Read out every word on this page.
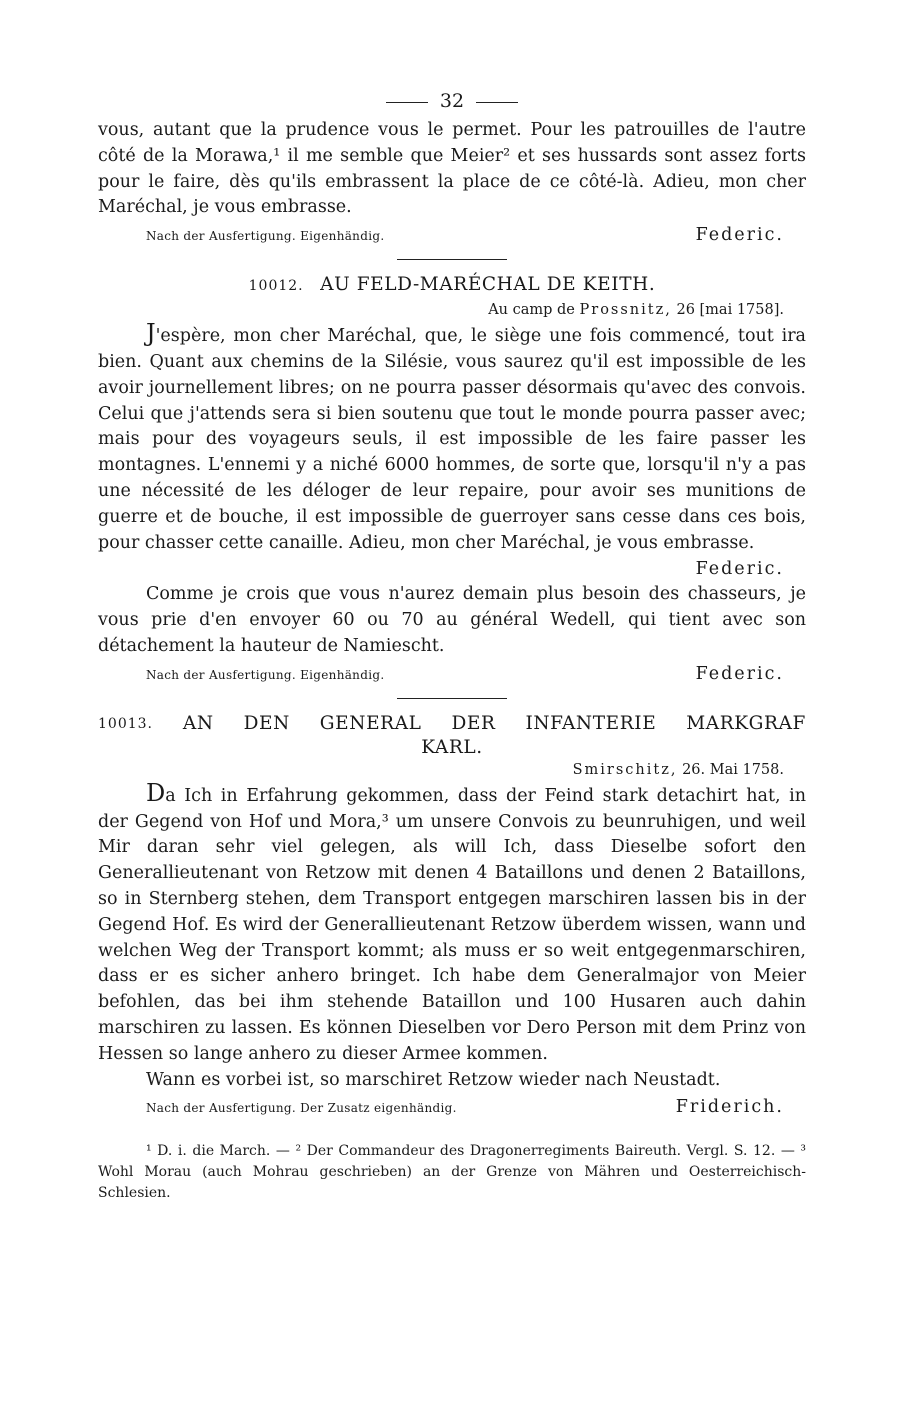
32

vous, autant que la prudence vous le permet. Pour les patrouilles de l'autre côté de la Morawa,¹ il me semble que Meier² et ses hussards sont assez forts pour le faire, dès qu'ils embrassent la place de ce côté-là. Adieu, mon cher Maréchal, je vous embrasse.

Nach der Ausfertigung. Eigenhändig.	Federic.
10012. AU FELD-MARÉCHAL DE KEITH.
Au camp de Prossnitz, 26 [mai 1758].

J'espère, mon cher Maréchal, que, le siège une fois commencé, tout ira bien. Quant aux chemins de la Silésie, vous saurez qu'il est impossible de les avoir journellement libres; on ne pourra passer désormais qu'avec des convois. Celui que j'attends sera si bien soutenu que tout le monde pourra passer avec; mais pour des voyageurs seuls, il est impossible de les faire passer les montagnes. L'ennemi y a niché 6000 hommes, de sorte que, lorsqu'il n'y a pas une nécessité de les déloger de leur repaire, pour avoir ses munitions de guerre et de bouche, il est impossible de guerroyer sans cesse dans ces bois, pour chasser cette canaille. Adieu, mon cher Maréchal, je vous embrasse.

Federic.

Comme je crois que vous n'aurez demain plus besoin des chasseurs, je vous prie d'en envoyer 60 ou 70 au général Wedell, qui tient avec son détachement la hauteur de Namiescht.

Nach der Ausfertigung. Eigenhändig.	Federic.
10013. AN DEN GENERAL DER INFANTERIE MARKGRAF
KARL.
Smirschitz, 26. Mai 1758.

Da Ich in Erfahrung gekommen, dass der Feind stark detachirt hat, in der Gegend von Hof und Mora,³ um unsere Convois zu beunruhigen, und weil Mir daran sehr viel gelegen, als will Ich, dass Dieselbe sofort den Generallieutenant von Retzow mit denen 4 Bataillons und denen 2 Bataillons, so in Sternberg stehen, dem Transport entgegen marschiren lassen bis in der Gegend Hof. Es wird der Generallieutenant Retzow überdem wissen, wann und welchen Weg der Transport kommt; als muss er so weit entgegenmarschiren, dass er es sicher anhero bringet. Ich habe dem Generalmajor von Meier befohlen, das bei ihm stehende Bataillon und 100 Husaren auch dahin marschiren zu lassen. Es können Dieselben vor Dero Person mit dem Prinz von Hessen so lange anhero zu dieser Armee kommen.

Wann es vorbei ist, so marschiret Retzow wieder nach Neustadt.

Nach der Ausfertigung. Der Zusatz eigenhändig.	Friderich.
¹ D. i. die March. — ² Der Commandeur des Dragonerregiments Baireuth. Vergl. S. 12. — ³ Wohl Morau (auch Mohrau geschrieben) an der Grenze von Mähren und Oesterreichisch-Schlesien.
